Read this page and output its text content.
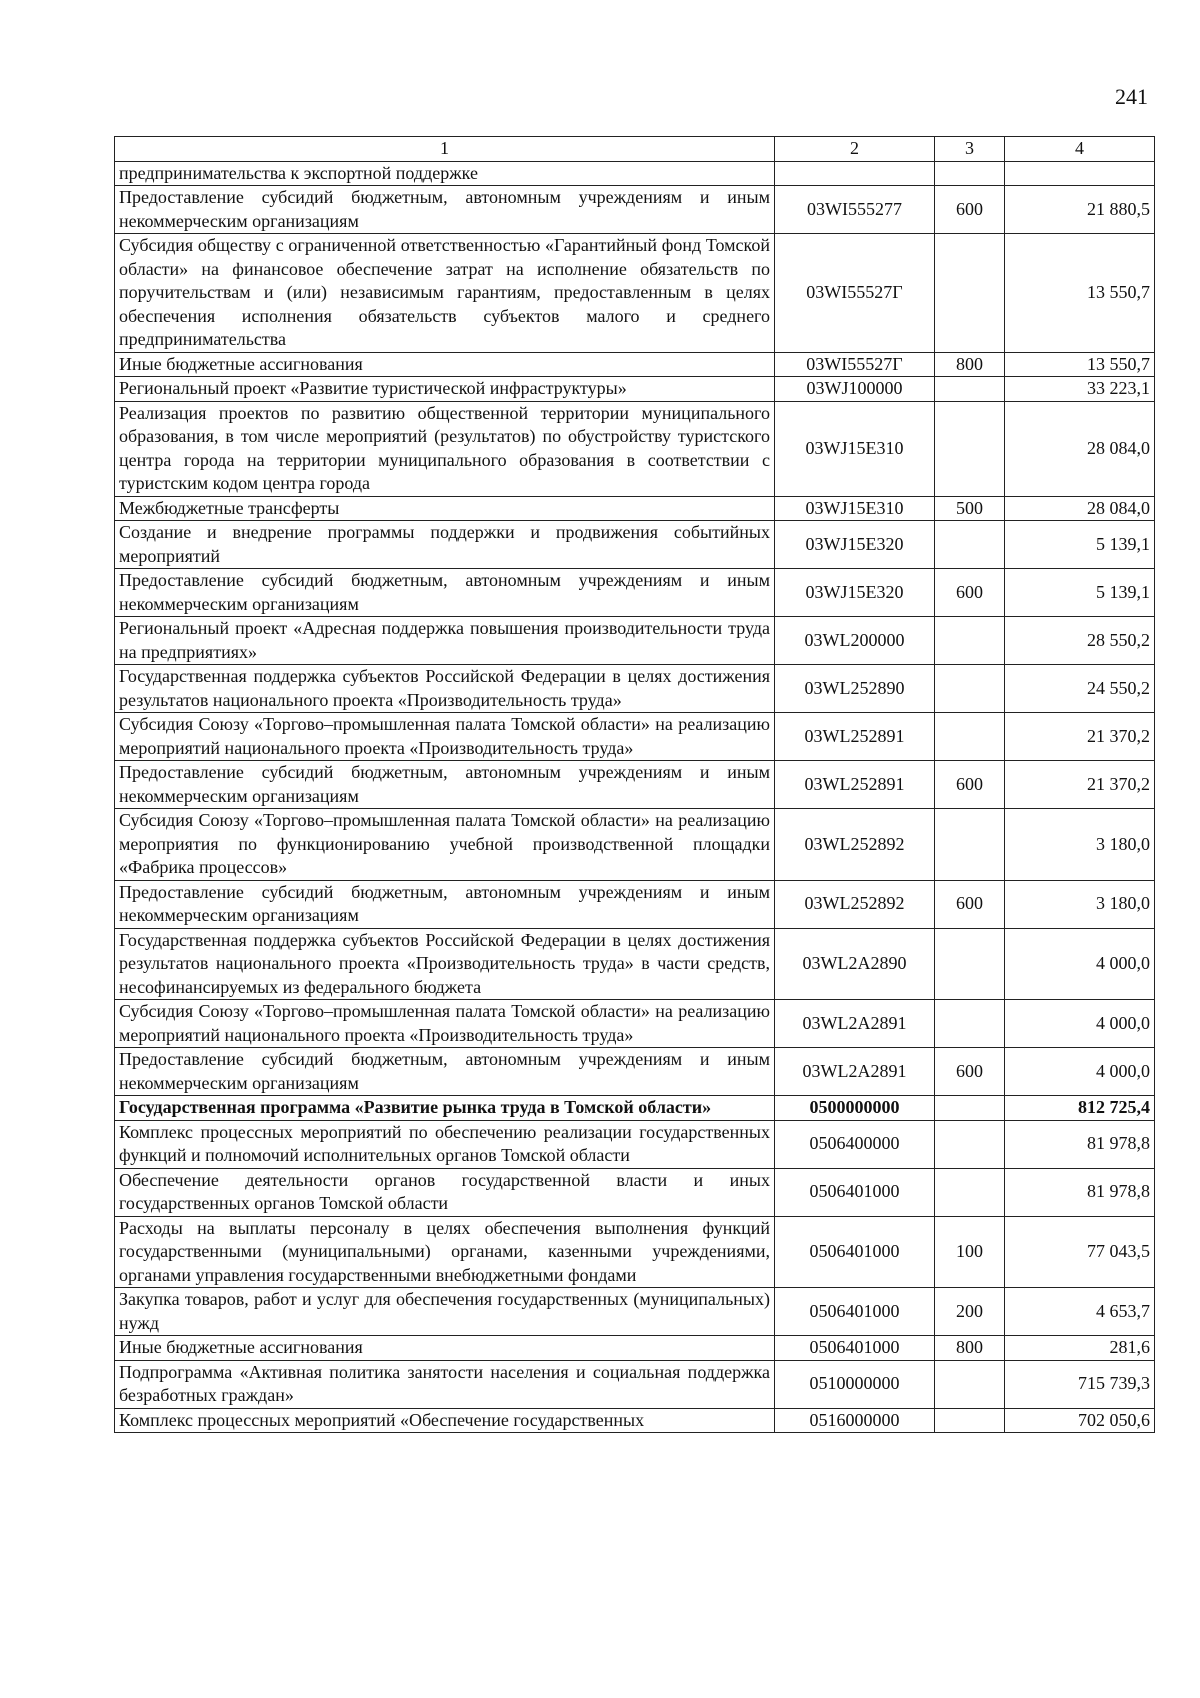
241
1	2	3	4
предпринимательства к экспортной поддержке			
Предоставление субсидий бюджетным, автономным учреждениям и иным некоммерческим организациям	03WI555277	600	21 880,5
Субсидия обществу с ограниченной ответственностью «Гарантийный фонд Томской области» на финансовое обеспечение затрат на исполнение обязательств по поручительствам и (или) независимым гарантиям, предоставленным в целях обеспечения исполнения обязательств субъектов малого и среднего предпринимательства	03WI55527Г		13 550,7
Иные бюджетные ассигнования	03WI55527Г	800	13 550,7
Региональный проект «Развитие туристической инфраструктуры»	03WJ100000		33 223,1
Реализация проектов по развитию общественной территории муниципального образования, в том числе мероприятий (результатов) по обустройству туристского центра города на территории муниципального образования в соответствии с туристским кодом центра города	03WJ15E310		28 084,0
Межбюджетные трансферты	03WJ15E310	500	28 084,0
Создание и внедрение программы поддержки и продвижения событийных мероприятий	03WJ15E320		5 139,1
Предоставление субсидий бюджетным, автономным учреждениям и иным некоммерческим организациям	03WJ15E320	600	5 139,1
Региональный проект «Адресная поддержка повышения производительности труда на предприятиях»	03WL200000		28 550,2
Государственная поддержка субъектов Российской Федерации в целях достижения результатов национального проекта «Производительность труда»	03WL252890		24 550,2
Субсидия Союзу «Торгово–промышленная палата Томской области» на реализацию мероприятий национального проекта «Производительность труда»	03WL252891		21 370,2
Предоставление субсидий бюджетным, автономным учреждениям и иным некоммерческим организациям	03WL252891	600	21 370,2
Субсидия Союзу «Торгово–промышленная палата Томской области» на реализацию мероприятия по функционированию учебной производственной площадки «Фабрика процессов»	03WL252892		3 180,0
Предоставление субсидий бюджетным, автономным учреждениям и иным некоммерческим организациям	03WL252892	600	3 180,0
Государственная поддержка субъектов Российской Федерации в целях достижения результатов национального проекта «Производительность труда» в части средств, несофинансируемых из федерального бюджета	03WL2A2890		4 000,0
Субсидия Союзу «Торгово–промышленная палата Томской области» на реализацию мероприятий национального проекта «Производительность труда»	03WL2A2891		4 000,0
Предоставление субсидий бюджетным, автономным учреждениям и иным некоммерческим организациям	03WL2A2891	600	4 000,0
Государственная программа «Развитие рынка труда в Томской области»	0500000000		812 725,4
Комплекс процессных мероприятий по обеспечению реализации государственных функций и полномочий исполнительных органов Томской области	0506400000		81 978,8
Обеспечение деятельности органов государственной власти и иных государственных органов Томской области	0506401000		81 978,8
Расходы на выплаты персоналу в целях обеспечения выполнения функций государственными (муниципальными) органами, казенными учреждениями, органами управления государственными внебюджетными фондами	0506401000	100	77 043,5
Закупка товаров, работ и услуг для обеспечения государственных (муниципальных) нужд	0506401000	200	4 653,7
Иные бюджетные ассигнования	0506401000	800	281,6
Подпрограмма «Активная политика занятости населения и социальная поддержка безработных граждан»	0510000000		715 739,3
Комплекс процессных мероприятий «Обеспечение государственных	0516000000		702 050,6
